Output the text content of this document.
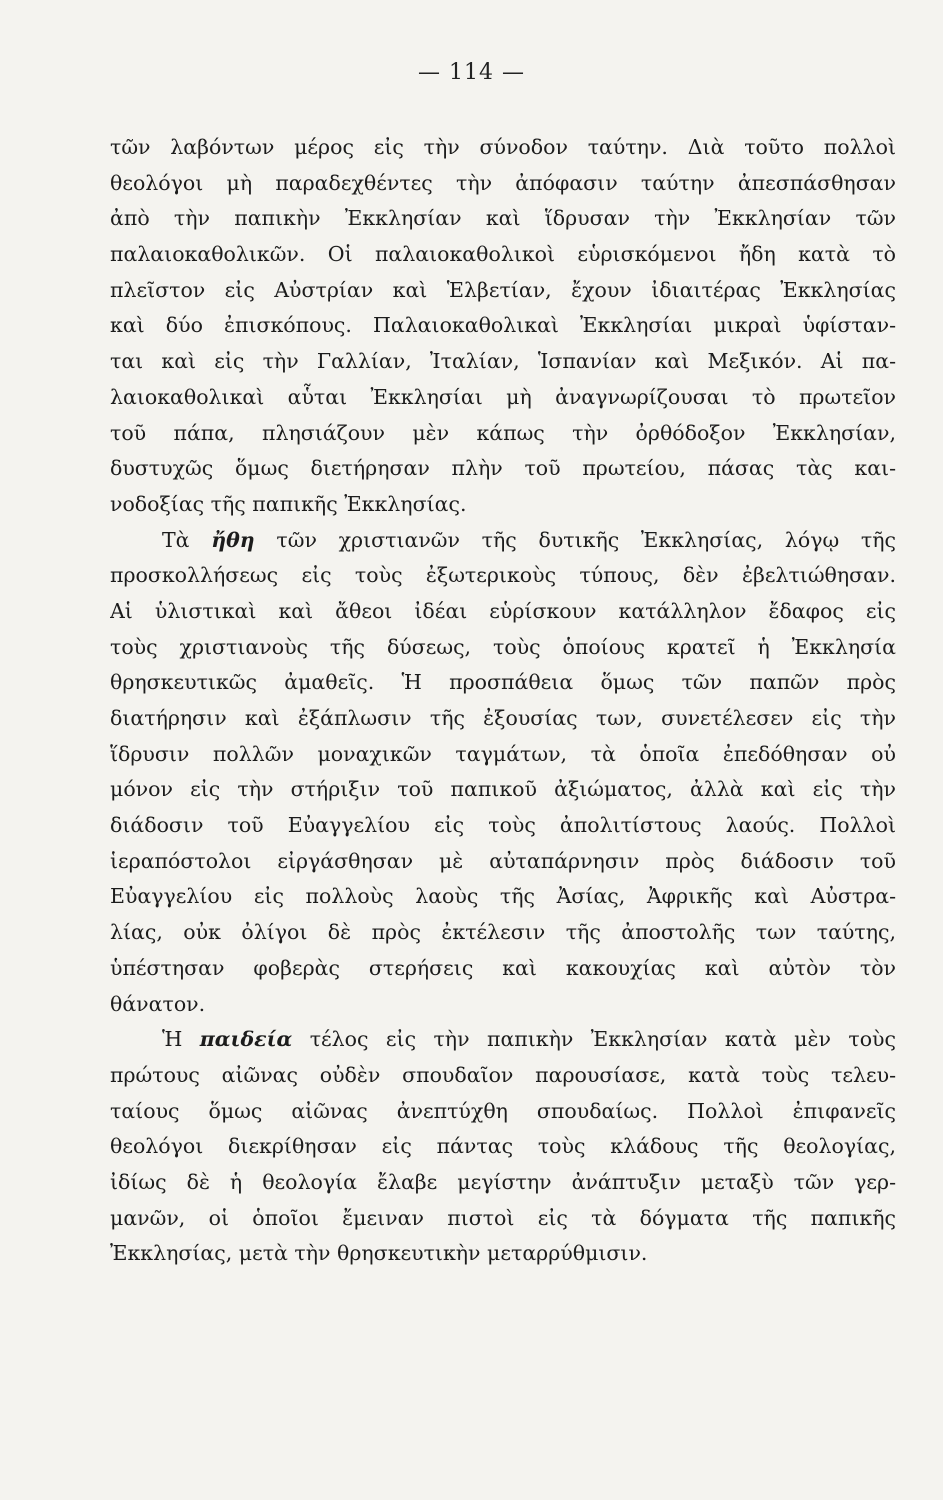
— 114 —
τῶν λαβόντων μέρος εἰς τὴν σύνοδον ταύτην. Διὰ τοῦτο πολλοὶ
θεολόγοι μὴ παραδεχθέντες τὴν ἀπόφασιν ταύτην ἀπεσπάσθησαν
ἀπὸ τὴν παπικὴν Ἐκκλησίαν καὶ ἵδρυσαν τὴν Ἐκκλησίαν τῶν
παλαιοκαθολικῶν. Οἱ παλαιοκαθολικοὶ εὑρισκόμενοι ἤδη κατὰ τὸ
πλεῖστον εἰς Αὐστρίαν καὶ Ἑλβετίαν, ἔχουν ἰδιαιτέρας Ἐκκλησίας
καὶ δύο ἐπισκόπους. Παλαιοκαθολικαὶ Ἐκκλησίαι μικραὶ ὑφίσταν-
ται καὶ εἰς τὴν Γαλλίαν, Ἰταλίαν, Ἱσπανίαν καὶ Μεξικόν. Αἱ πα-
λαιοκαθολικαὶ αὗται Ἐκκλησίαι μὴ ἀναγνωρίζουσαι τὸ πρωτεῖον
τοῦ πάπα, πλησιάζουν μὲν κάπως τὴν ὀρθόδοξον Ἐκκλησίαν,
δυστυχῶς ὅμως διετήρησαν πλὴν τοῦ πρωτείου, πάσας τὰς και-
νοδοξίας τῆς παπικῆς Ἐκκλησίας.
Τὰ ἤθη τῶν χριστιανῶν τῆς δυτικῆς Ἐκκλησίας, λόγῳ τῆς
προσκολλήσεως εἰς τοὺς ἐξωτερικοὺς τύπους, δὲν ἐβελτιώθησαν.
Αἱ ὑλιστικαὶ καὶ ἄθεοι ἰδέαι εὑρίσκουν κατάλληλον ἔδαφος εἰς
τοὺς χριστιανοὺς τῆς δύσεως, τοὺς ὁποίους κρατεῖ ἡ Ἐκκλησία
θρησκευτικῶς ἀμαθεῖς. Ἡ προσπάθεια ὅμως τῶν παπῶν πρὸς
διατήρησιν καὶ ἐξάπλωσιν τῆς ἐξουσίας των, συνετέλεσεν εἰς τὴν
ἵδρυσιν πολλῶν μοναχικῶν ταγμάτων, τὰ ὁποῖα ἐπεδόθησαν οὐ
μόνον εἰς τὴν στήριξιν τοῦ παπικοῦ ἀξιώματος, ἀλλὰ καὶ εἰς τὴν
διάδοσιν τοῦ Εὐαγγελίου εἰς τοὺς ἀπολιτίστους λαούς. Πολλοὶ
ἱεραπόστολοι εἰργάσθησαν μὲ αὐταπάρνησιν πρὸς διάδοσιν τοῦ
Εὐαγγελίου εἰς πολλοὺς λαοὺς τῆς Ἀσίας, Ἀφρικῆς καὶ Αὐστρα-
λίας, οὐκ ὀλίγοι δὲ πρὸς ἐκτέλεσιν τῆς ἀποστολῆς των ταύτης,
ὑπέστησαν φοβερὰς στερήσεις καὶ κακουχίας καὶ αὐτὸν τὸν
θάνατον.
Ἡ παιδεία τέλος εἰς τὴν παπικὴν Ἐκκλησίαν κατὰ μὲν τοὺς
πρώτους αἰῶνας οὐδὲν σπουδαῖον παρουσίασε, κατὰ τοὺς τελευ-
ταίους ὅμως αἰῶνας ἀνεπτύχθη σπουδαίως. Πολλοὶ ἐπιφανεῖς
θεολόγοι διεκρίθησαν εἰς πάντας τοὺς κλάδους τῆς θεολογίας,
ἰδίως δὲ ἡ θεολογία ἔλαβε μεγίστην ἀνάπτυξιν μεταξὺ τῶν γερ-
μανῶν, οἱ ὁποῖοι ἔμειναν πιστοὶ εἰς τὰ δόγματα τῆς παπικῆς
Ἐκκλησίας, μετὰ τὴν θρησκευτικὴν μεταρρύθμισιν.
